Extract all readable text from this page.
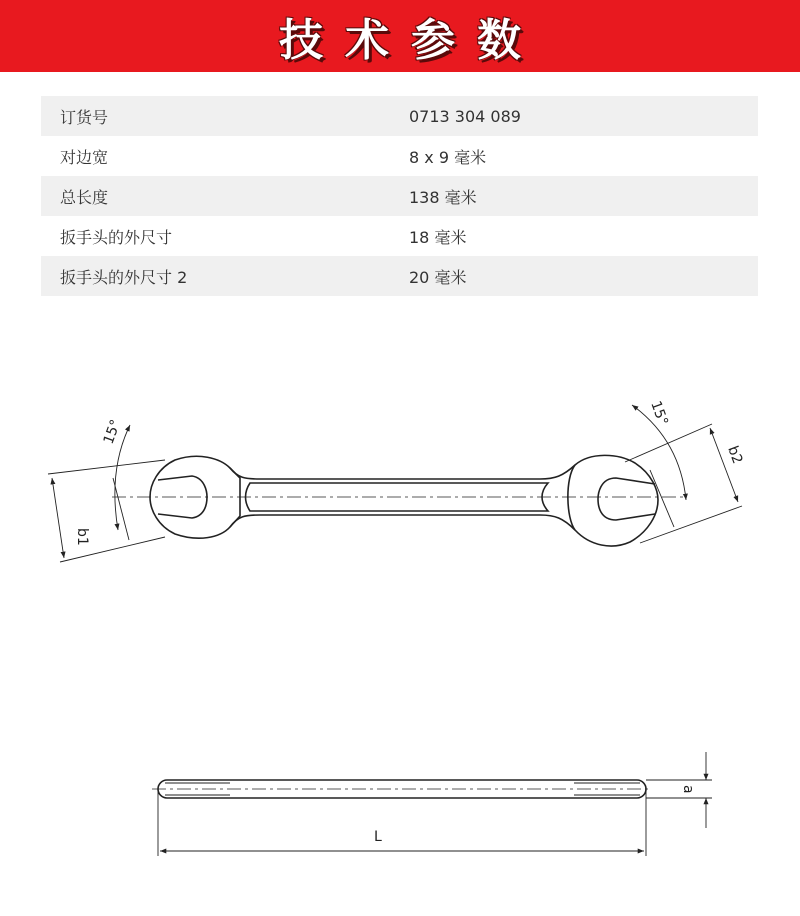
技术参数
订货号	0713 304 089
对边宽	8 x 9 毫米
总长度	138 毫米
扳手头的外尺寸	18 毫米
扳手头的外尺寸 2	20 毫米
15°
b1
15°
b2
a
L
